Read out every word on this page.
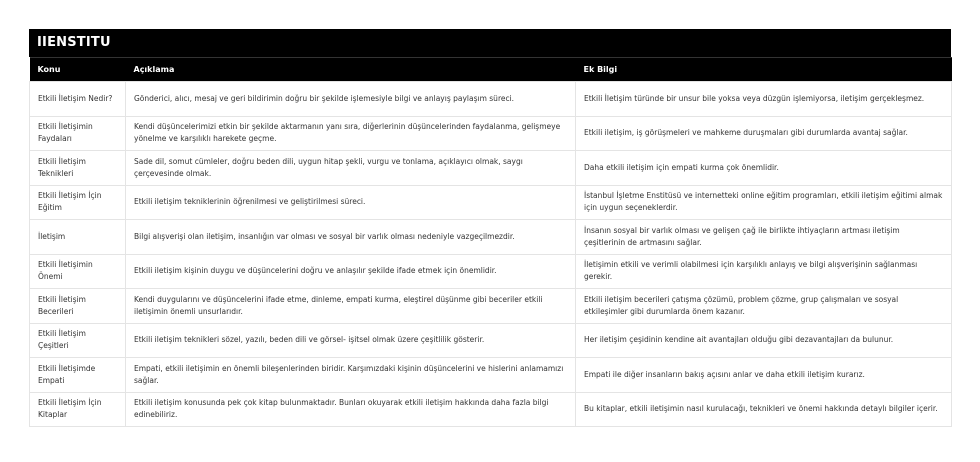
IIENSTITU
Konu	Açıklama	Ek Bilgi
Etkili İletişim Nedir?	Gönderici, alıcı, mesaj ve geri bildirimin doğru bir şekilde işlemesiyle bilgi ve anlayış paylaşım süreci.	Etkili İletişim türünde bir unsur bile yoksa veya düzgün işlemiyorsa, iletişim gerçekleşmez.
Etkili İletişimin Faydaları	Kendi düşüncelerimizi etkin bir şekilde aktarmanın yanı sıra, diğerlerinin düşüncelerinden faydalanma, gelişmeye yönelme ve karşılıklı harekete geçme.	Etkili iletişim, iş görüşmeleri ve mahkeme duruşmaları gibi durumlarda avantaj sağlar.
Etkili İletişim Teknikleri	Sade dil, somut cümleler, doğru beden dili, uygun hitap şekli, vurgu ve tonlama, açıklayıcı olmak, saygı çerçevesinde olmak.	Daha etkili iletişim için empati kurma çok önemlidir.
Etkili İletişim İçin Eğitim	Etkili iletişim tekniklerinin öğrenilmesi ve geliştirilmesi süreci.	İstanbul İşletme Enstitüsü ve internetteki online eğitim programları, etkili iletişim eğitimi almak için uygun seçeneklerdir.
İletişim	Bilgi alışverişi olan iletişim, insanlığın var olması ve sosyal bir varlık olması nedeniyle vazgeçilmezdir.	İnsanın sosyal bir varlık olması ve gelişen çağ ile birlikte ihtiyaçların artması iletişim çeşitlerinin de artmasını sağlar.
Etkili İletişimin Önemi	Etkili iletişim kişinin duygu ve düşüncelerini doğru ve anlaşılır şekilde ifade etmek için önemlidir.	İletişimin etkili ve verimli olabilmesi için karşılıklı anlayış ve bilgi alışverişinin sağlanması gerekir.
Etkili İletişim Becerileri	Kendi duygularını ve düşüncelerini ifade etme, dinleme, empati kurma, eleştirel düşünme gibi beceriler etkili iletişimin önemli unsurlarıdır.	Etkili iletişim becerileri çatışma çözümü, problem çözme, grup çalışmaları ve sosyal etkileşimler gibi durumlarda önem kazanır.
Etkili İletişim Çeşitleri	Etkili iletişim teknikleri sözel, yazılı, beden dili ve görsel- işitsel olmak üzere çeşitlilik gösterir.	Her iletişim çeşidinin kendine ait avantajları olduğu gibi dezavantajları da bulunur.
Etkili İletişimde Empati	Empati, etkili iletişimin en önemli bileşenlerinden biridir. Karşımızdaki kişinin düşüncelerini ve hislerini anlamamızı sağlar.	Empati ile diğer insanların bakış açısını anlar ve daha etkili iletişim kurarız.
Etkili İletişim İçin Kitaplar	Etkili iletişim konusunda pek çok kitap bulunmaktadır. Bunları okuyarak etkili iletişim hakkında daha fazla bilgi edinebiliriz.	Bu kitaplar, etkili iletişimin nasıl kurulacağı, teknikleri ve önemi hakkında detaylı bilgiler içerir.
